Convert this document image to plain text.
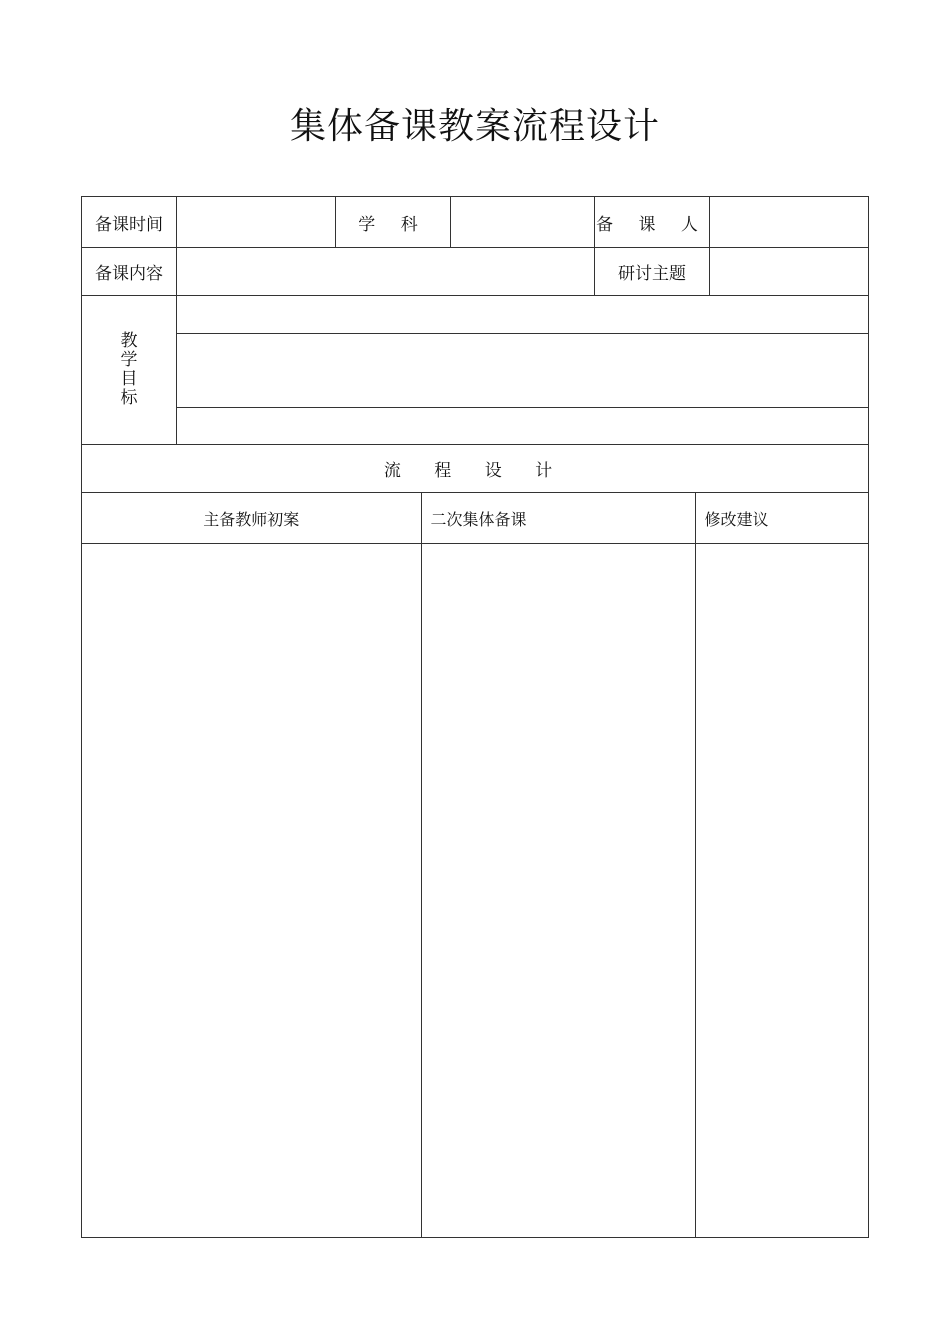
集体备课教案流程设计
备课时间		学 科		备 课 人	
备课内容		研讨主题	

教
学
目
标

流 程 设 计

主备教师初案	二次集体备课	修改建议
